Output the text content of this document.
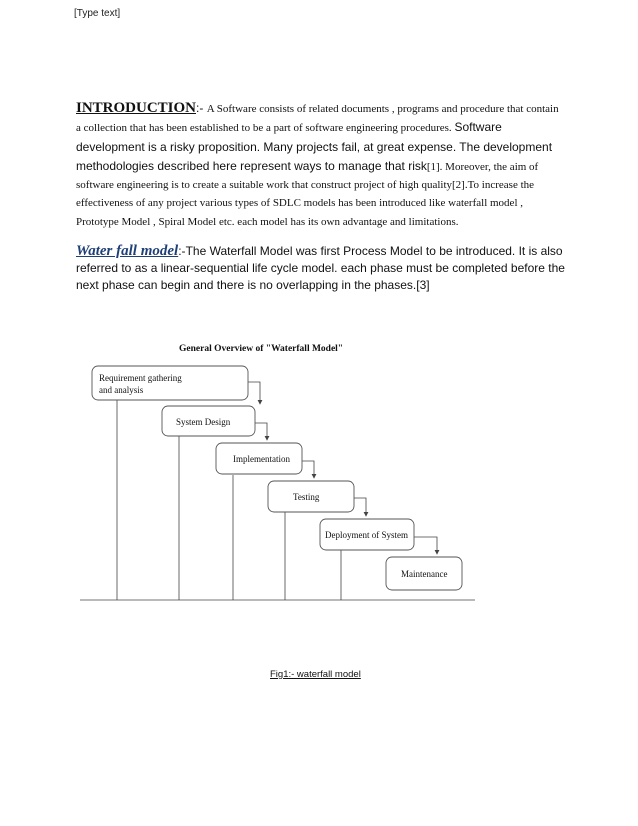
[Type text]
INTRODUCTION:- A Software consists of related documents , programs and procedure that contain a collection that has been established to be a part of software engineering procedures. Software development is a risky proposition. Many projects fail, at great expense. The development methodologies described here represent ways to manage that risk[1]. Moreover, the aim of software engineering is to create a suitable work that construct project of high quality[2].To increase the effectiveness of any project various types of SDLC models has been introduced like waterfall model , Prototype Model , Spiral Model etc. each model has its own advantage and limitations.
Water fall model:-The Waterfall Model was first Process Model to be introduced. It is also referred to as a linear-sequential life cycle model. each phase must be completed before the next phase can begin and there is no overlapping in the phases.[3]
General Overview of "Waterfall Model"
Requirement gathering
and analysis
System Design
Implementation
Testing
Deployment of System
Maintenance
Fig1:- waterfall model
